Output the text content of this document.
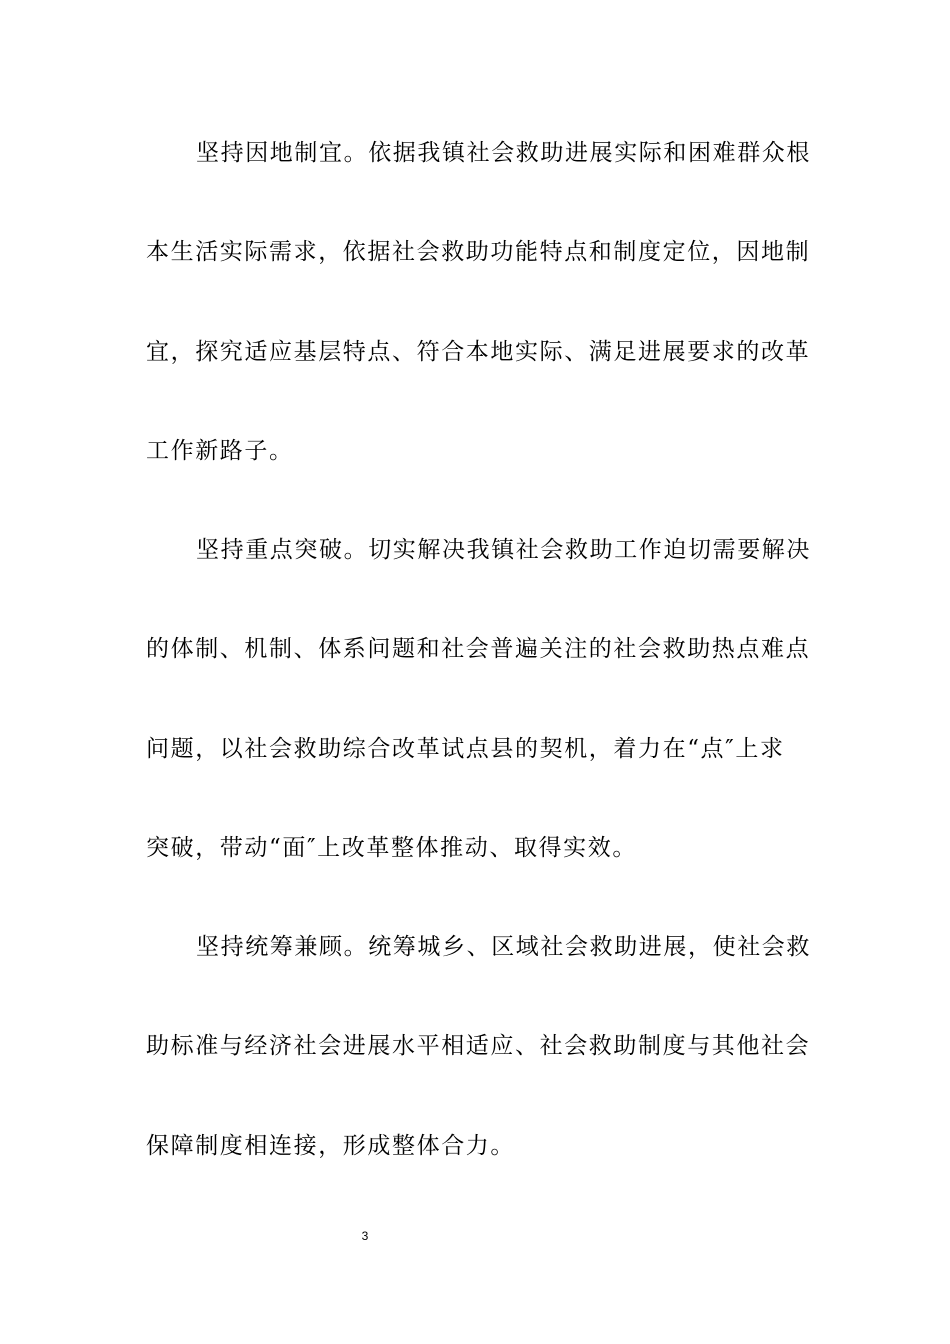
坚持因地制宜。依据我镇社会救助进展实际和困难群众根
本生活实际需求，依据社会救助功能特点和制度定位，因地制
宜，探究适应基层特点、符合本地实际、满足进展要求的改革
工作新路子。
坚持重点突破。切实解决我镇社会救助工作迫切需要解决
的体制、机制、体系问题和社会普遍关注的社会救助热点难点
问题，以社会救助综合改革试点县的契机，着力在“点″上求
突破，带动“面″上改革整体推动、取得实效。
坚持统筹兼顾。统筹城乡、区域社会救助进展，使社会救
助标准与经济社会进展水平相适应、社会救助制度与其他社会
保障制度相连接，形成整体合力。
3
